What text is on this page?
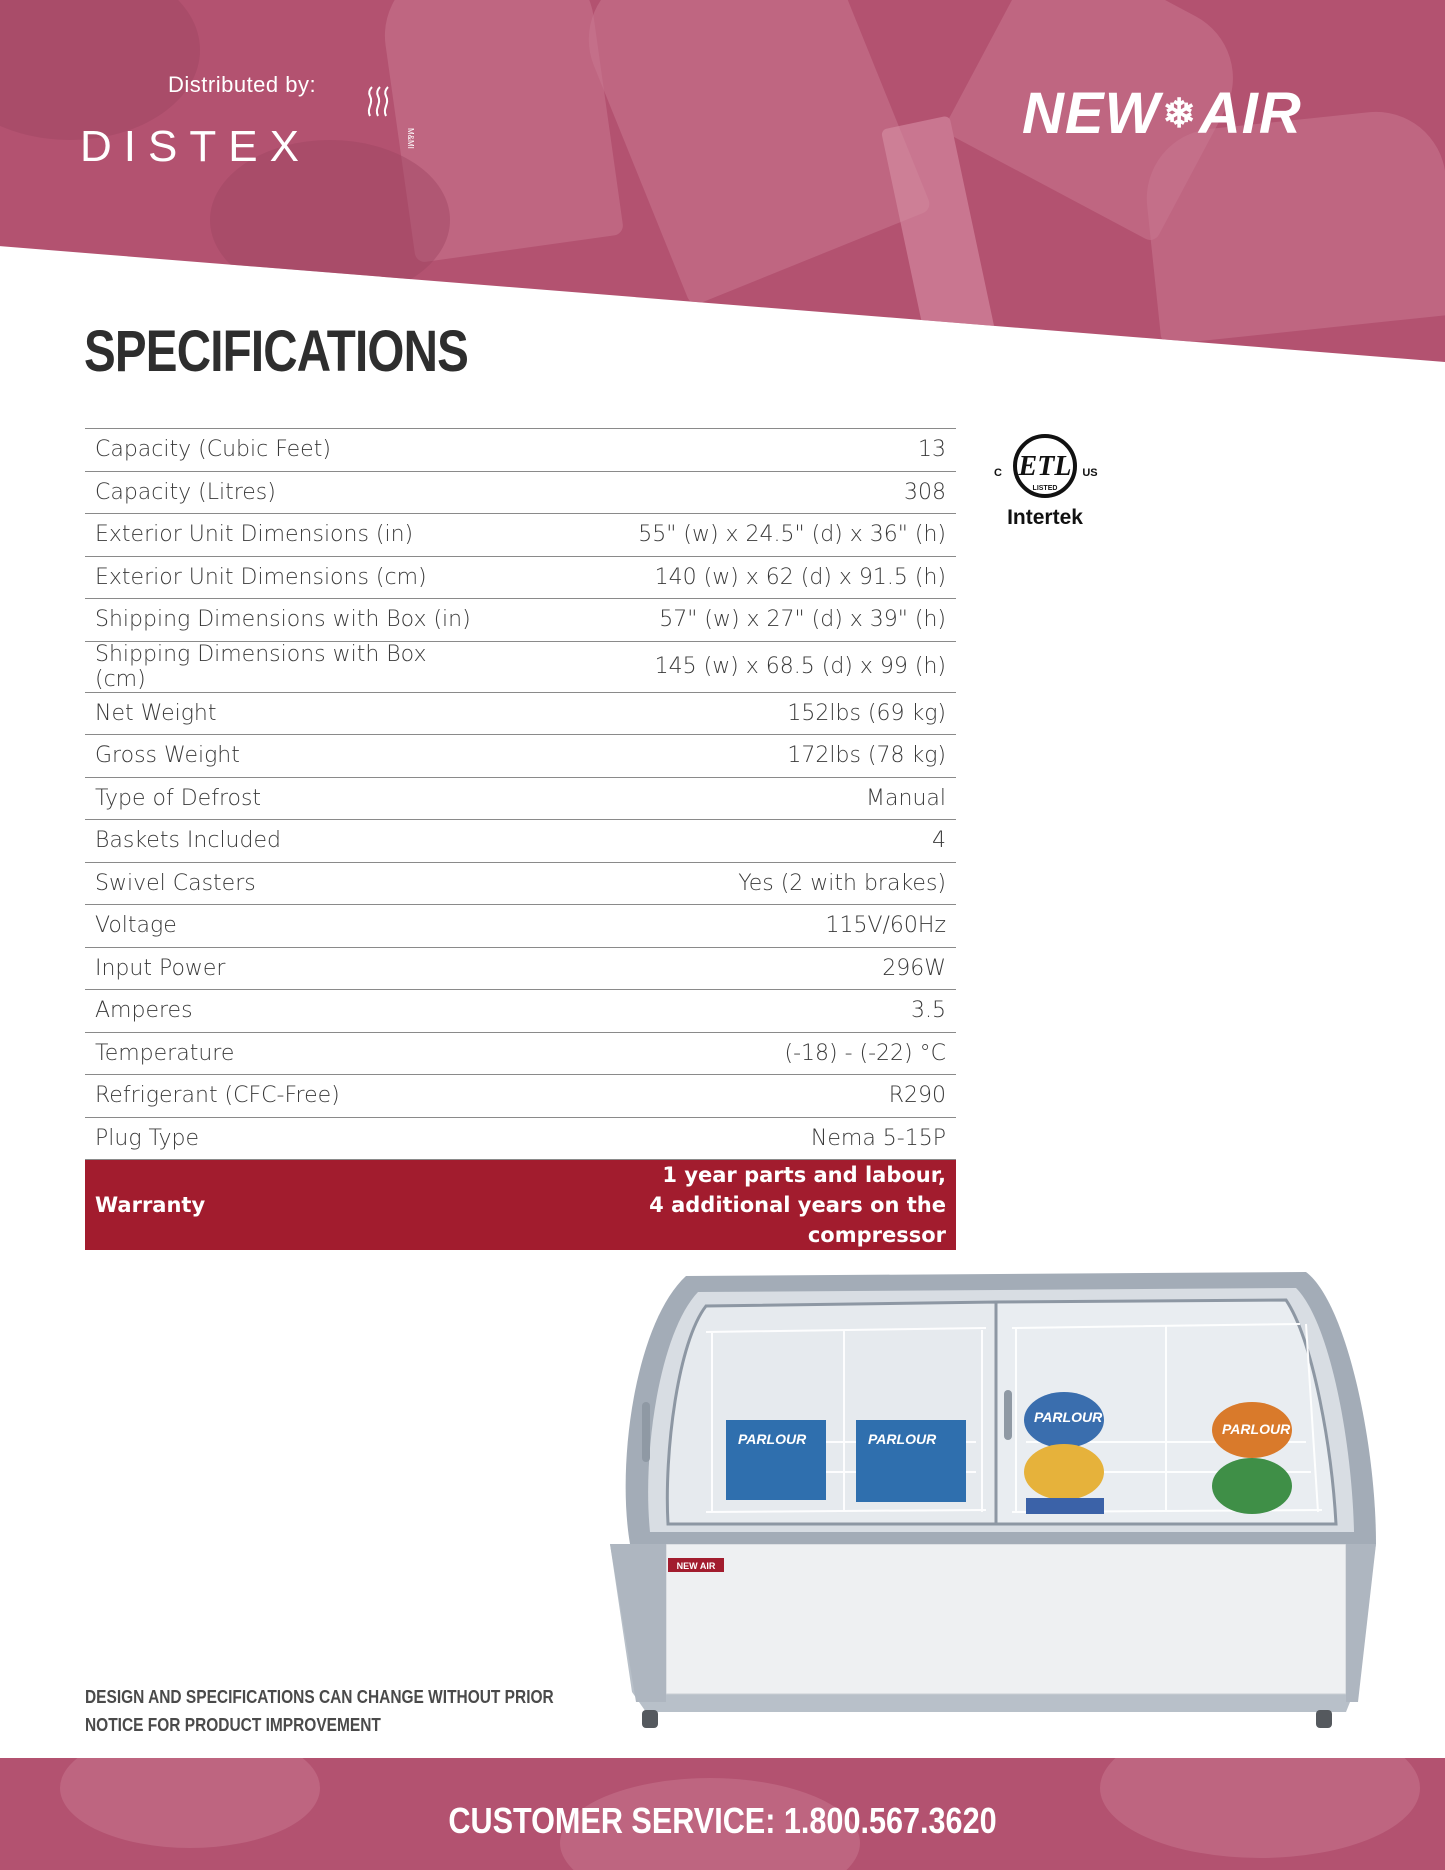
Distributed by:
DISTEX	M&MI	NEW❄AIR
SPECIFICATIONS
Capacity (Cubic Feet)	13
Capacity (Litres)	308
Exterior Unit Dimensions (in)	55" (w) x 24.5" (d) x 36" (h)
Exterior Unit Dimensions (cm)	140 (w) x 62 (d) x 91.5 (h)
Shipping Dimensions with Box (in)	57" (w) x 27" (d) x 39" (h)
Shipping Dimensions with Box (cm)	145 (w) x 68.5 (d) x 99 (h)
Net Weight	152lbs (69 kg)
Gross Weight	172lbs (78 kg)
Type of Defrost	Manual
Baskets Included	4
Swivel Casters	Yes (2 with brakes)
Voltage	115V/60Hz
Input Power	296W
Amperes	3.5
Temperature	(-18) - (-22) °C
Refrigerant (CFC-Free)	R290
Plug Type	Nema 5-15P
Warranty	1 year parts and labour,
4 additional years on the compressor
ETL
LISTED
C	US
Intertek
PARLOUR	PARLOUR
PARLOUR
PARLOUR
NEW AIR

DESIGN AND SPECIFICATIONS CAN CHANGE WITHOUT PRIOR NOTICE FOR PRODUCT IMPROVEMENT

CUSTOMER SERVICE: 1.800.567.3620
